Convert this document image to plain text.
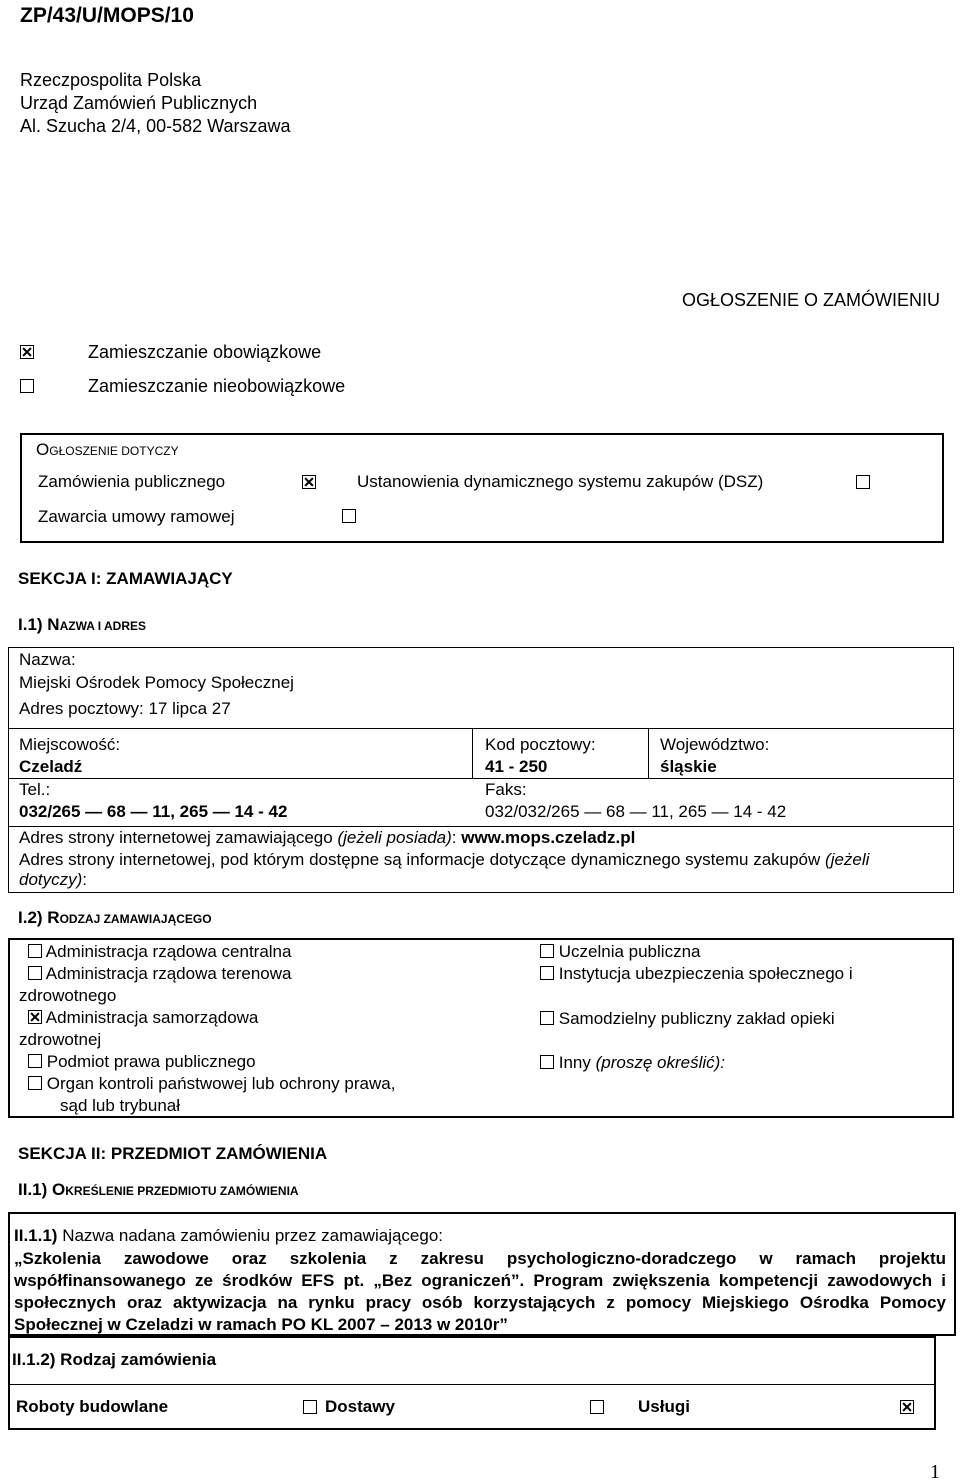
ZP/43/U/MOPS/10
Rzeczpospolita Polska
Urząd Zamówień Publicznych
Al. Szucha 2/4, 00-582 Warszawa
OGŁOSZENIE O ZAMÓWIENIU
Zamieszczanie obowiązkowe
Zamieszczanie nieobowiązkowe
OGŁOSZENIE DOTYCZY
Zamówienia publicznego	Ustanowienia dynamicznego systemu zakupów (DSZ)
Zawarcia umowy ramowej
SEKCJA I: ZAMAWIAJĄCY
I.1) NAZWA I ADRES
Nazwa:
Miejski Ośrodek Pomocy Społecznej
Adres pocztowy: 17 lipca 27
Miejscowość:
Czeladź
Kod pocztowy:
41 - 250
Województwo:
śląskie
Tel.:
032/265 — 68 — 11, 265 — 14 - 42
Faks:
032/032/265 — 68 — 11, 265 — 14 - 42
Adres strony internetowej zamawiającego (jeżeli posiada): www.mops.czeladz.pl
Adres strony internetowej, pod którym dostępne są informacje dotyczące dynamicznego systemu zakupów (jeżeli dotyczy):
I.2) RODZAJ ZAMAWIAJĄCEGO
Administracja rządowa centralna
Administracja rządowa terenowa
zdrowotnego
Administracja samorządowa
zdrowotnej
Podmiot prawa publicznego
Organ kontroli państwowej lub ochrony prawa,
sąd lub trybunał
Uczelnia publiczna
Instytucja ubezpieczenia społecznego i
Samodzielny publiczny zakład opieki
Inny (proszę określić):
SEKCJA II: PRZEDMIOT ZAMÓWIENIA
II.1) OKREŚLENIE PRZEDMIOTU ZAMÓWIENIA
II.1.1) Nazwa nadana zamówieniu przez zamawiającego:
„Szkolenia zawodowe oraz szkolenia z zakresu psychologiczno-doradczego w ramach projektu współfinansowanego ze środków EFS pt. „Bez ograniczeń”. Program zwiększenia kompetencji zawodowych i społecznych oraz aktywizacja na rynku pracy osób korzystających z pomocy Miejskiego Ośrodka Pomocy Społecznej w Czeladzi w ramach PO KL 2007 – 2013 w 2010r”
II.1.2) Rodzaj zamówienia
Roboty budowlane	Dostawy	Usługi
1
